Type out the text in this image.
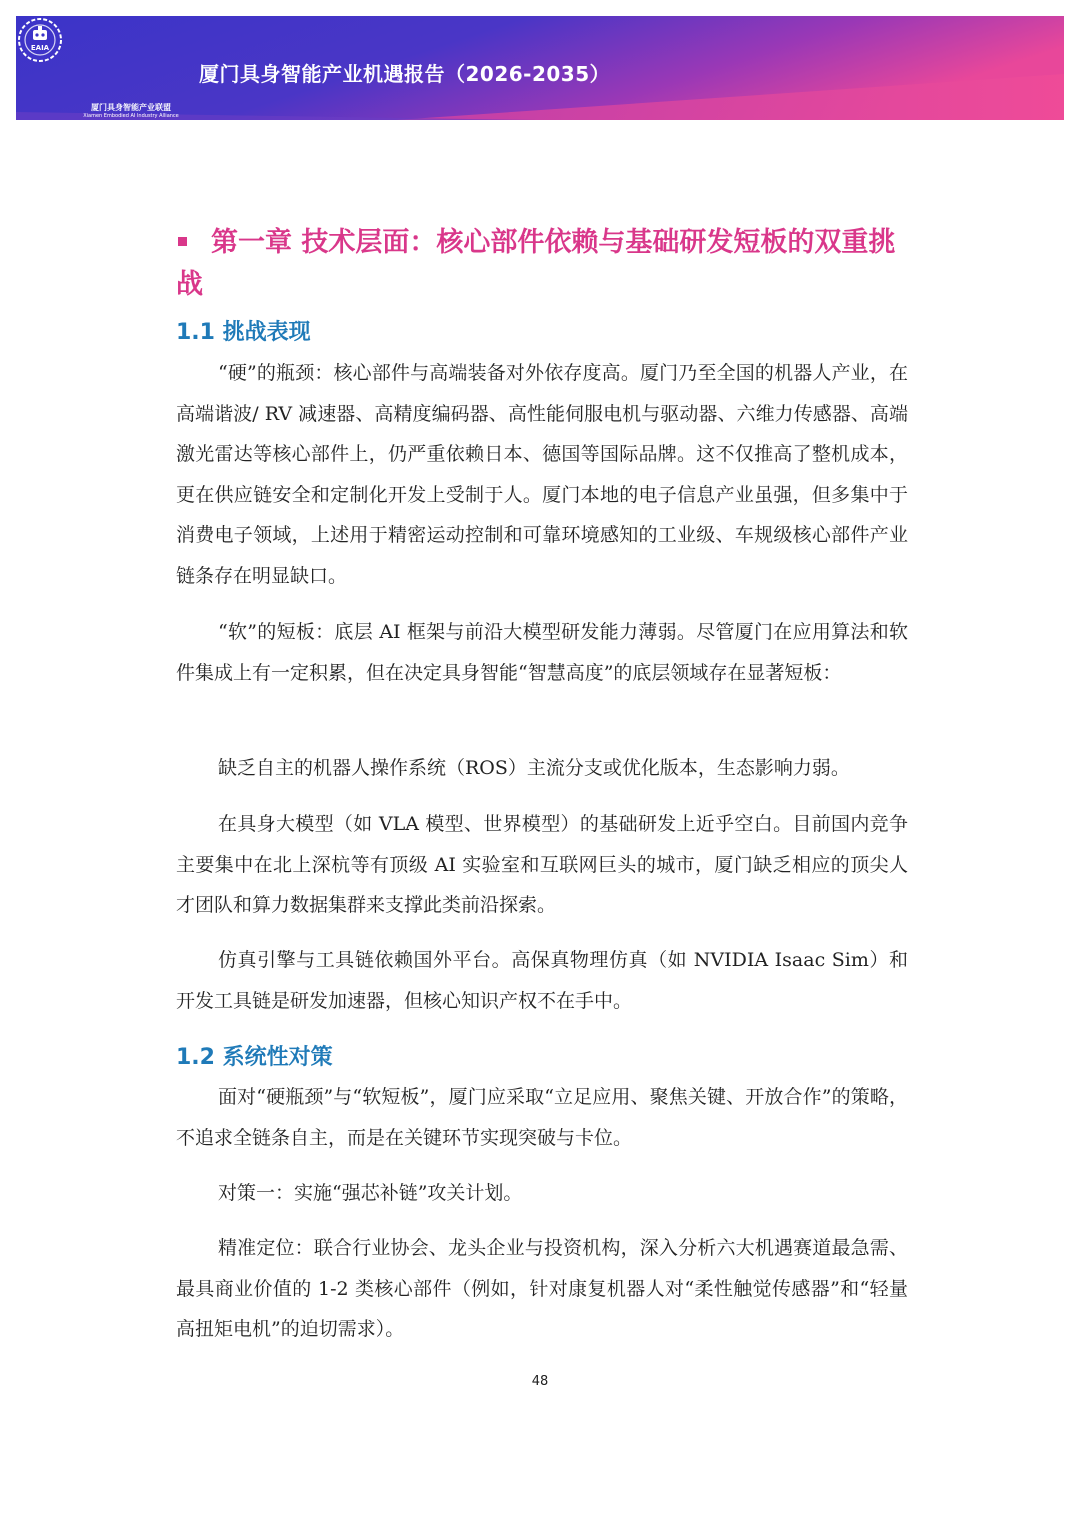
EAIA
厦门具身智能产业联盟
Xiamen Embodied AI Industry Alliance
厦门具身智能产业机遇报告（2026-2035）
第一章 技术层面：核心部件依赖与基础研发短板的双重挑战
1.1 挑战表现
“硬”的瓶颈：核心部件与高端装备对外依存度高。厦门乃至全国的机器人产业，在高端谐波/ RV 减速器、高精度编码器、高性能伺服电机与驱动器、六维力传感器、高端激光雷达等核心部件上，仍严重依赖日本、德国等国际品牌。这不仅推高了整机成本，更在供应链安全和定制化开发上受制于人。厦门本地的电子信息产业虽强，但多集中于消费电子领域，上述用于精密运动控制和可靠环境感知的工业级、车规级核心部件产业链条存在明显缺口。
“软”的短板：底层 AI 框架与前沿大模型研发能力薄弱。尽管厦门在应用算法和软件集成上有一定积累，但在决定具身智能“智慧高度”的底层领域存在显著短板：
缺乏自主的机器人操作系统（ROS）主流分支或优化版本，生态影响力弱。
在具身大模型（如 VLA 模型、世界模型）的基础研发上近乎空白。目前国内竞争主要集中在北上深杭等有顶级 AI 实验室和互联网巨头的城市，厦门缺乏相应的顶尖人才团队和算力数据集群来支撑此类前沿探索。
仿真引擎与工具链依赖国外平台。高保真物理仿真（如 NVIDIA Isaac Sim）和开发工具链是研发加速器，但核心知识产权不在手中。
1.2 系统性对策
面对“硬瓶颈”与“软短板”，厦门应采取“立足应用、聚焦关键、开放合作”的策略，不追求全链条自主，而是在关键环节实现突破与卡位。
对策一：实施“强芯补链”攻关计划。
精准定位：联合行业协会、龙头企业与投资机构，深入分析六大机遇赛道最急需、最具商业价值的 1-2 类核心部件（例如，针对康复机器人对“柔性触觉传感器”和“轻量高扭矩电机”的迫切需求）。
48
